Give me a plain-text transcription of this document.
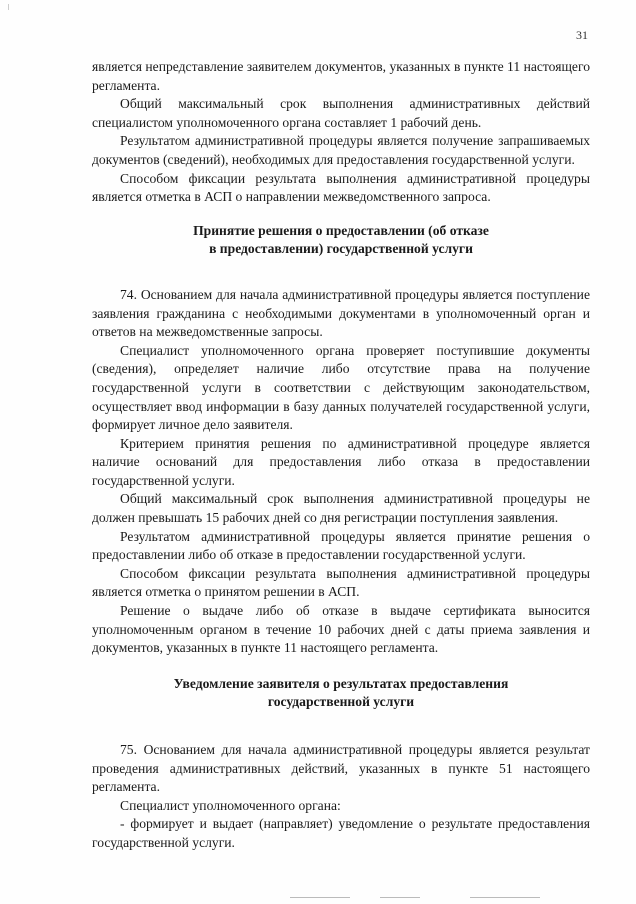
31

является непредставление заявителем документов, указанных в пункте 11 настоящего регламента.

Общий максимальный срок выполнения административных действий специалистом уполномоченного органа составляет 1 рабочий день.

Результатом административной процедуры является получение запрашиваемых документов (сведений), необходимых для предоставления государственной услуги.

Способом фиксации результата выполнения административной процедуры является отметка в АСП о направлении межведомственного запроса.

Принятие решения о предоставлении (об отказе

в предоставлении) государственной услуги

74. Основанием для начала административной процедуры является поступление заявления гражданина с необходимыми документами в уполномоченный орган и ответов на межведомственные запросы.

Специалист уполномоченного органа проверяет поступившие документы (сведения), определяет наличие либо отсутствие права на получение государственной услуги в соответствии с действующим законодательством, осуществляет ввод информации в базу данных получателей государственной услуги, формирует личное дело заявителя.

Критерием принятия решения по административной процедуре является наличие оснований для предоставления либо отказа в предоставлении государственной услуги.

Общий максимальный срок выполнения административной процедуры не должен превышать 15 рабочих дней со дня регистрации поступления заявления.

Результатом административной процедуры является принятие решения о предоставлении либо об отказе в предоставлении государственной услуги.

Способом фиксации результата выполнения административной процедуры является отметка о принятом решении в АСП.

Решение о выдаче либо об отказе в выдаче сертификата выносится уполномоченным органом в течение 10 рабочих дней с даты приема заявления и документов, указанных в пункте 11 настоящего регламента.

Уведомление заявителя о результатах предоставления

государственной услуги

75. Основанием для начала административной процедуры является результат проведения административных действий, указанных в пункте 51 настоящего регламента.

Специалист уполномоченного органа:

- формирует и выдает (направляет) уведомление о результате предоставления государственной услуги.
